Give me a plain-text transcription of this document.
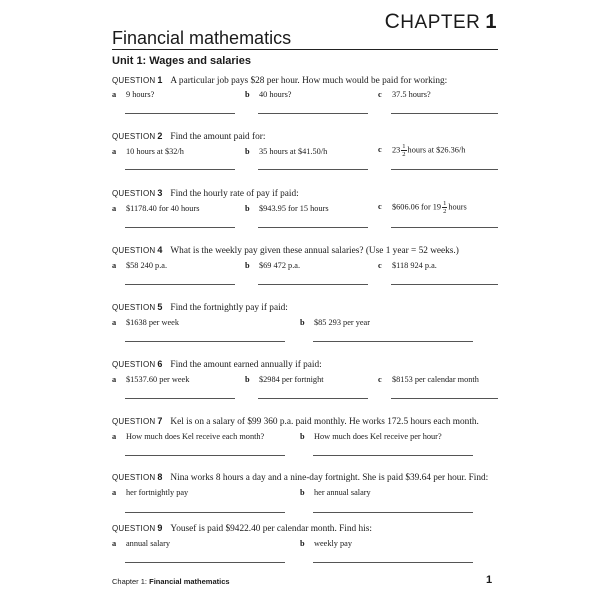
CHAPTER 1
Financial mathematics
Unit 1: Wages and salaries
QUESTION 1 A particular job pays $28 per hour. How much would be paid for working:
a 9 hours?	b 40 hours?	c 37.5 hours?
QUESTION 2 Find the amount paid for:
a 10 hours at $32/h	b 35 hours at $41.50/h	c $23 \frac{1}{2}$ hours at $26.36/h
QUESTION 3 Find the hourly rate of pay if paid:
a $1178.40 for 40 hours	b $943.95 for 15 hours	c $606.06 for $19 \frac{1}{2}$ hours
QUESTION 4 What is the weekly pay given these annual salaries? (Use 1 year = 52 weeks.)
a $58 240 p.a.	b $69 472 p.a.	c $118 924 p.a.
QUESTION 5 Find the fortnightly pay if paid:
a $1638 per week	b $85 293 per year
QUESTION 6 Find the amount earned annually if paid:
a $1537.60 per week	b $2984 per fortnight	c $8153 per calendar month
QUESTION 7 Kel is on a salary of $99 360 p.a. paid monthly. He works 172.5 hours each month.
a How much does Kel receive each month?	b How much does Kel receive per hour?
QUESTION 8 Nina works 8 hours a day and a nine-day fortnight. She is paid $39.64 per hour. Find:
a her fortnightly pay	b her annual salary
QUESTION 9 Yousef is paid $9422.40 per calendar month. Find his:
a annual salary	b weekly pay
Chapter 1: Financial mathematics	1
